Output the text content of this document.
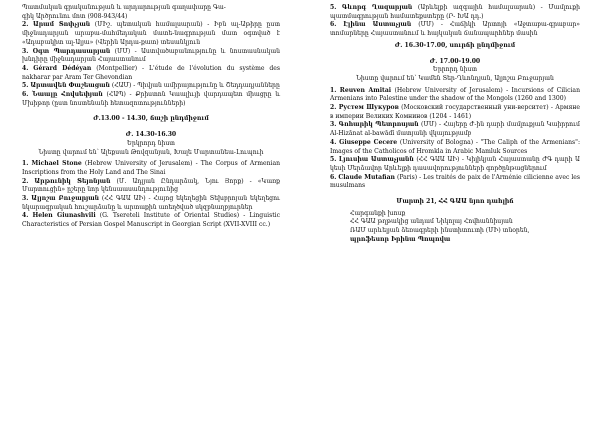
Պատմական գրականության և արդարության գաղափարը Գա-

գիկ Արծրունու մոտ (908-943/44)

2. Արամ Տոփչյան (ՄԻշ. պետական համալսարան) - Իբն ալ-Աթիրը ըստ միջնադարյան արաբա-մահմեդական մատե-նագրության մատ օգտված է «Ադաբակիտ ալ-Ալյա» (Վերին Արդա-քատ) տեսանկյուն

3. Օգտ Պարդասարյան (ՄՄ) - Աստվածաբանությունը և նոստասնական խնդիրը միջնադարյան Հայաստանում

4. Gérard Dédéyan (Montpellier) - L'étude de l'évolution du système des nakharar par Aram Ter Ghevondian

5. Արտավեն Փաշեացան (ՀԱՄ) - Պիվյան ամիրայությունը և Շեդդադյանները

6. Նաալը Հովսեփյան (ՀԱՊ) - Քրիստոն Կաալիւյի վարդապետ միացրը և Մխիթոր (ըստ նոստենանի հետազոտությունների)

Ժ.13.00 - 14.30, ճաշի ընդմիջում

Ժ. 14.30-16.30

Երկրորդ նիստ

Նիստը վարում են՝ Ալեքսան Թովզանյան, Խալե Մարտանեա-Լուպուի

1. Michael Stone (Hebrew University of Jerusalem) - The Corpus of Armenian Inscriptions from the Holy Land and The Sinai

2. Արթունիկ Տեյոնյան (Մ. Ադլյան Ընդարձակ, Նյու Յորք) - «Կառք Մարտուցին» ըշերը նոր կենսաասանդությունից

3. Ալյոշա Բուջարյան (ՀՀ ԳԱԱ ԱԻ) - Հայոց եկեղեցին Տեխբրոյան եկեղեցու նկարագրական հուշարձանը և արտաքին առեղծված սկզբնաղբյուրներ

4. Helen Giunashvili (G. Tsereteli Institute of Oriental Studies) - Linguistic Characteristics of Persian Gospel Manuscript in Georgian Script (XVII-XVIII cc.)

5. Գևորգ Ղազարյան (Արևելքի ազգային համալսարան) - Մամլուքի պատմագրության համատեքստերը (Ր- ԽԱ դդ.)

6. Էլինա Աստաչյան (ՄՄ) - Հաճիկի Արտոյի «Աջտաբա-գրաբար» տոմարները Հայաստանում և հայկական ճանապարհներ մասին

Ժ. 16.30-17.00, սուրճի ընդմիջում

Ժ. 17.00-19.00

Երրորդ նիստ

Նիստը վարում են՝ Կամեն Տեր-Ղևոնդյան, Ալյոշա Բուջարյան

1. Reuven Amitai (Hebrew University of Jerusalem) - Incursions of Cilician Armenians into Palestine under the shadow of the Mongols (1260 and 1300)

2. Рустем Шукуров (Московский государственный уни-верситет) - Армяне в империи Великих Комнинов (1204 - 1461)

3. Գոհարիկ Պետրոսյան (ՄՄ) - Հայերը Ժ-ին դարի մամլուքյան Կաիրրում Al-Hizānat al-bawādī մատյանի վկայությամբ

4. Giuseppe Cecere (University of Bologna) - "The Caliph of the Armenians": Images of the Catholicos of Hromkla in Arabic Mamluk Sources

5. Լյուսիա Աստաչյանն (ՀՀ ԳԱԱ ԱԻ) - Կիլիկյան Հայաստանը ԺԳ դարի Ա կեսի Մերձավոր Արևելքի դասավորությունների գործընթացներում

6. Claude Mutafian (Paris) - Les traités de paix de l'Arménie cilicienne avec les musulmans

Մարտի 21, ՀՀ ԳԱԱ նյոո դահլիճ

Հարգանքի խոսք

ՀՀ ԳԱԱ թղթակից անդամ Նիկոլայ Հովհաննիսյան

ՌԱՄ արևելյան ձեռագրերի ինստիտուտի (ՄԻ) տնօրեն,

պրոֆեսոր Իրինա Պոպովա
